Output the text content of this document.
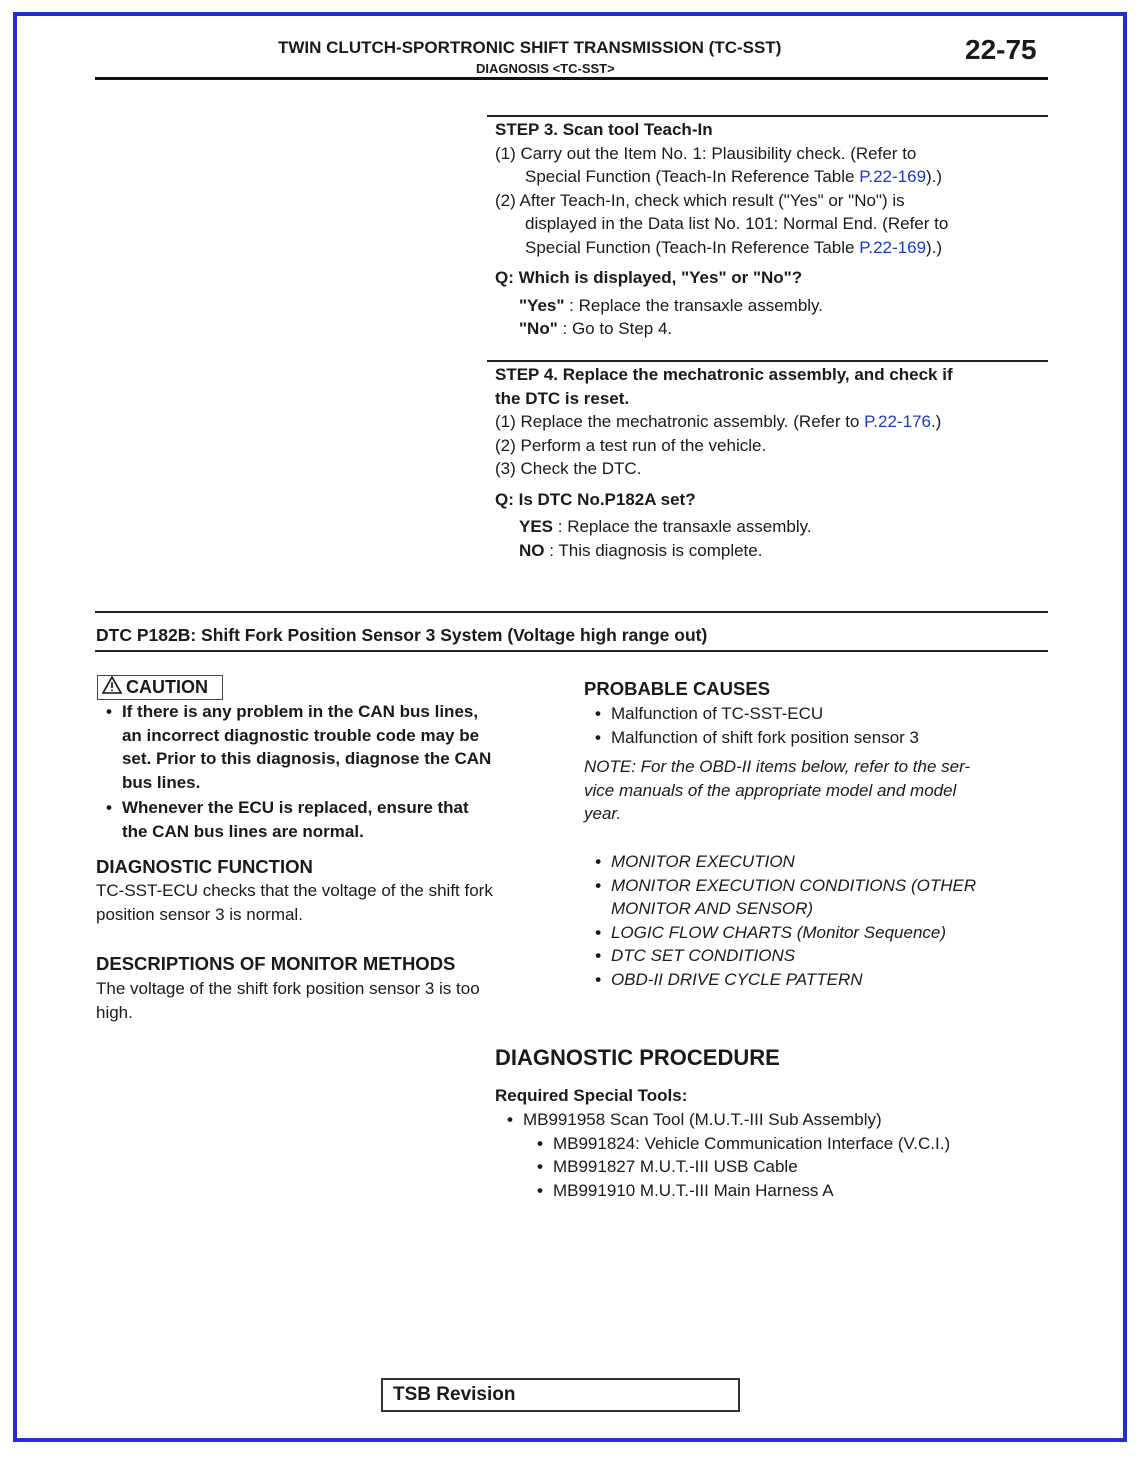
TWIN CLUTCH-SPORTRONIC SHIFT TRANSMISSION (TC-SST)
DIAGNOSIS <TC-SST>
22-75
STEP 3. Scan tool Teach-In
(1) Carry out the Item No. 1: Plausibility check. (Refer to
Special Function (Teach-In Reference Table P.22-169).)
(2) After Teach-In, check which result ("Yes" or "No") is
displayed in the Data list No. 101: Normal End. (Refer to
Special Function (Teach-In Reference Table P.22-169).)
Q: Which is displayed, "Yes" or "No"?
"Yes" : Replace the transaxle assembly.
"No" : Go to Step 4.
STEP 4. Replace the mechatronic assembly, and check if
the DTC is reset.
(1) Replace the mechatronic assembly. (Refer to P.22-176.)
(2) Perform a test run of the vehicle.
(3) Check the DTC.
Q: Is DTC No.P182A set?
YES : Replace the transaxle assembly.
NO : This diagnosis is complete.
DTC P182B: Shift Fork Position Sensor 3 System (Voltage high range out)
CAUTION
• If there is any problem in the CAN bus lines,
an incorrect diagnostic trouble code may be
set. Prior to this diagnosis, diagnose the CAN
bus lines.
• Whenever the ECU is replaced, ensure that
the CAN bus lines are normal.
DIAGNOSTIC FUNCTION
TC-SST-ECU checks that the voltage of the shift fork
position sensor 3 is normal.
DESCRIPTIONS OF MONITOR METHODS
The voltage of the shift fork position sensor 3 is too
high.
PROBABLE CAUSES
• Malfunction of TC-SST-ECU
• Malfunction of shift fork position sensor 3
NOTE: For the OBD-II items below, refer to the ser-
vice manuals of the appropriate model and model
year.
• MONITOR EXECUTION
• MONITOR EXECUTION CONDITIONS (OTHER
MONITOR AND SENSOR)
• LOGIC FLOW CHARTS (Monitor Sequence)
• DTC SET CONDITIONS
• OBD-II DRIVE CYCLE PATTERN
DIAGNOSTIC PROCEDURE
Required Special Tools:
• MB991958 Scan Tool (M.U.T.-III Sub Assembly)
• MB991824: Vehicle Communication Interface (V.C.I.)
• MB991827 M.U.T.-III USB Cable
• MB991910 M.U.T.-III Main Harness A
TSB Revision
